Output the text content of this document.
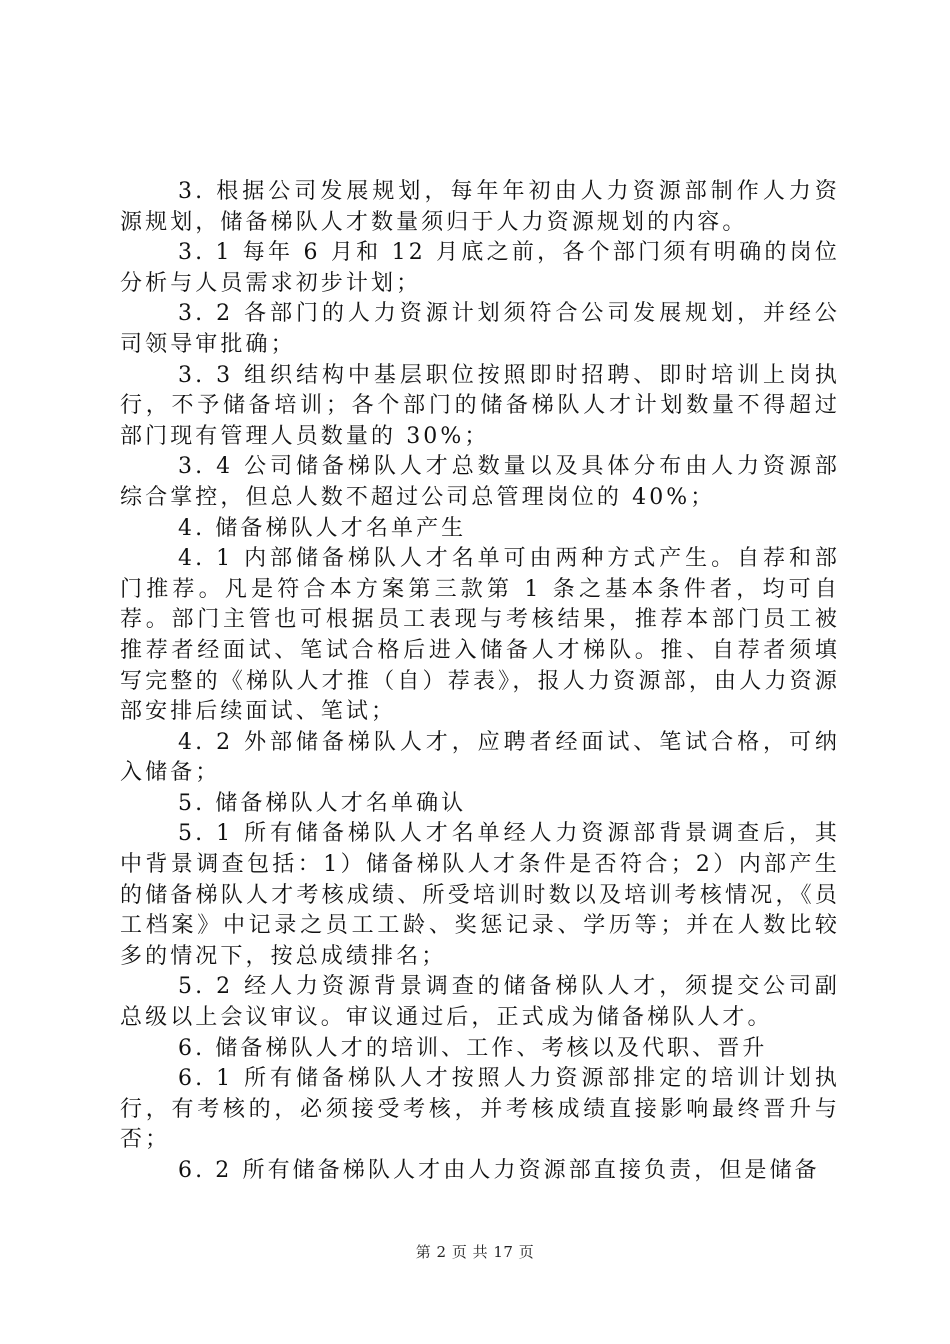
3. 根据公司发展规划，每年年初由人力资源部制作人力资源规划，储备梯队人才数量须归于人力资源规划的内容。

3. 1 每年 6 月和 12 月底之前，各个部门须有明确的岗位分析与人员需求初步计划；

3. 2 各部门的人力资源计划须符合公司发展规划，并经公司领导审批确；

3. 3 组织结构中基层职位按照即时招聘、即时培训上岗执行，不予储备培训；各个部门的储备梯队人才计划数量不得超过部门现有管理人员数量的 30%；

3. 4 公司储备梯队人才总数量以及具体分布由人力资源部综合掌控，但总人数不超过公司总管理岗位的 40%；

4. 储备梯队人才名单产生

4. 1 内部储备梯队人才名单可由两种方式产生。自荐和部门推荐。凡是符合本方案第三款第 1 条之基本条件者，均可自荐。部门主管也可根据员工表现与考核结果，推荐本部门员工被推荐者经面试、笔试合格后进入储备人才梯队。推、自荐者须填写完整的《梯队人才推（自）荐表》，报人力资源部，由人力资源部安排后续面试、笔试；

4. 2 外部储备梯队人才，应聘者经面试、笔试合格，可纳入储备；

5. 储备梯队人才名单确认

5. 1 所有储备梯队人才名单经人力资源部背景调查后，其中背景调查包括：1）储备梯队人才条件是否符合；2）内部产生的储备梯队人才考核成绩、所受培训时数以及培训考核情况，《员工档案》中记录之员工工龄、奖惩记录、学历等；并在人数比较多的情况下，按总成绩排名；

5. 2 经人力资源背景调查的储备梯队人才，须提交公司副总级以上会议审议。审议通过后，正式成为储备梯队人才。

6. 储备梯队人才的培训、工作、考核以及代职、晋升

6. 1 所有储备梯队人才按照人力资源部排定的培训计划执行，有考核的，必须接受考核，并考核成绩直接影响最终晋升与否；

6. 2 所有储备梯队人才由人力资源部直接负责，但是储备

第 2 页 共 17 页
